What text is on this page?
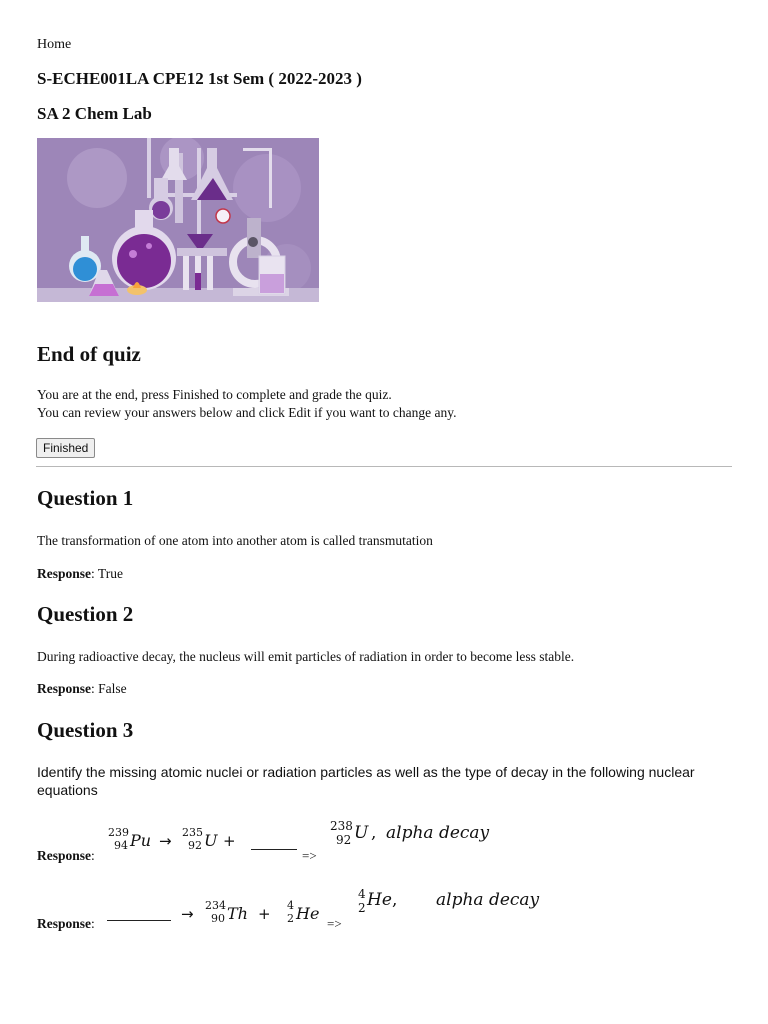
Home
S-ECHE001LA CPE12 1st Sem ( 2022-2023 )
SA 2 Chem Lab
End of quiz
You are at the end, press Finished to complete and grade the quiz.
You can review your answers below and click Edit if you want to change any.
Finished
Question 1
The transformation of one atom into another atom is called transmutation
Response: True
Question 2
During radioactive decay, the nucleus will emit particles of radiation in order to become less stable.
Response: False
Question 3
Identify the missing atomic nuclei or radiation particles as well as the type of decay in the following nuclear equations
Response:
239
94 Pu → 235
92 U +
=>
238
92 U , alpha decay
Response:
→ 234
90 Th + 4
2 He
=>
4
2 He , alpha decay
